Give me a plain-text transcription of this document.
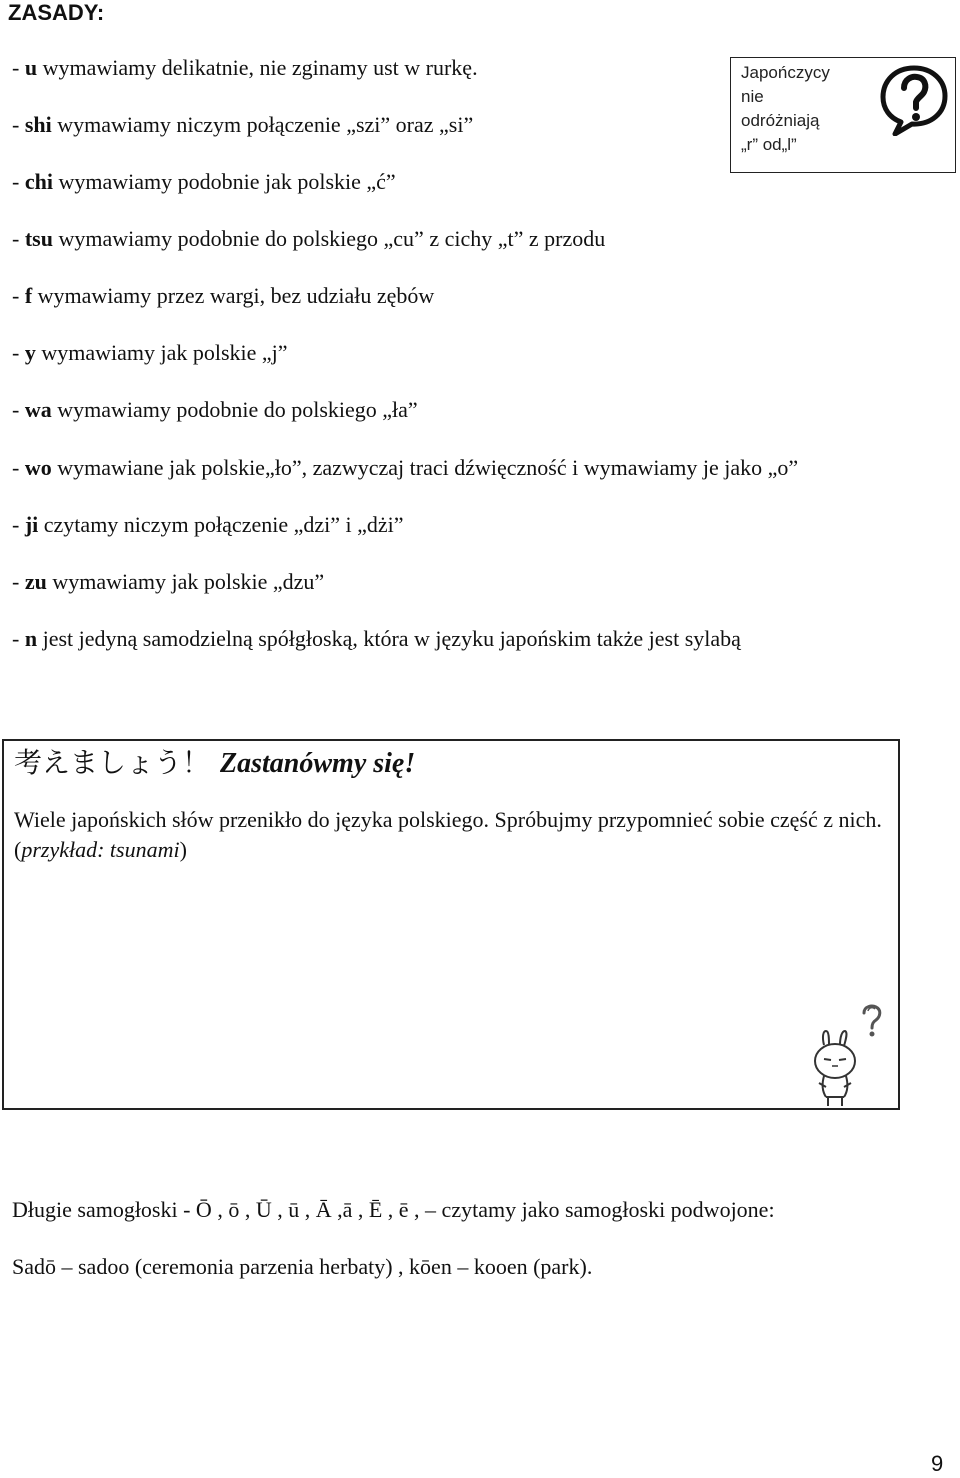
ZASADY:
- u wymawiamy delikatnie, nie zginamy ust w rurkę.
- shi wymawiamy niczym połączenie „szi” oraz „si”
- chi wymawiamy podobnie jak polskie „ć”
- tsu wymawiamy podobnie do polskiego „cu” z cichy „t” z przodu
- f wymawiamy przez wargi, bez udziału zębów
- y wymawiamy jak polskie „j”
- wa wymawiamy podobnie do polskiego „ła”
- wo wymawiane jak polskie„ło”, zazwyczaj traci dźwięczność i wymawiamy je jako „o”
- ji czytamy niczym połączenie „dzi” i „dżi”
- zu wymawiamy jak polskie „dzu”
- n jest jedyną samodzielną spółgłoską, która w języku japońskim także jest sylabą
Japończycy
nie
odróżniają
„r” od„l”
考えましょう！ Zastanówmy się!
Wiele japońskich słów przenikło do języka polskiego. Spróbujmy przypomnieć sobie część z nich. (przykład: tsunami)
Długie samogłoski - Ō , ō , Ū , ū , Ā ,ā , Ē , ē , – czytamy jako samogłoski podwojone:
Sadō – sadoo (ceremonia parzenia herbaty) , kōen – kooen (park).
9
